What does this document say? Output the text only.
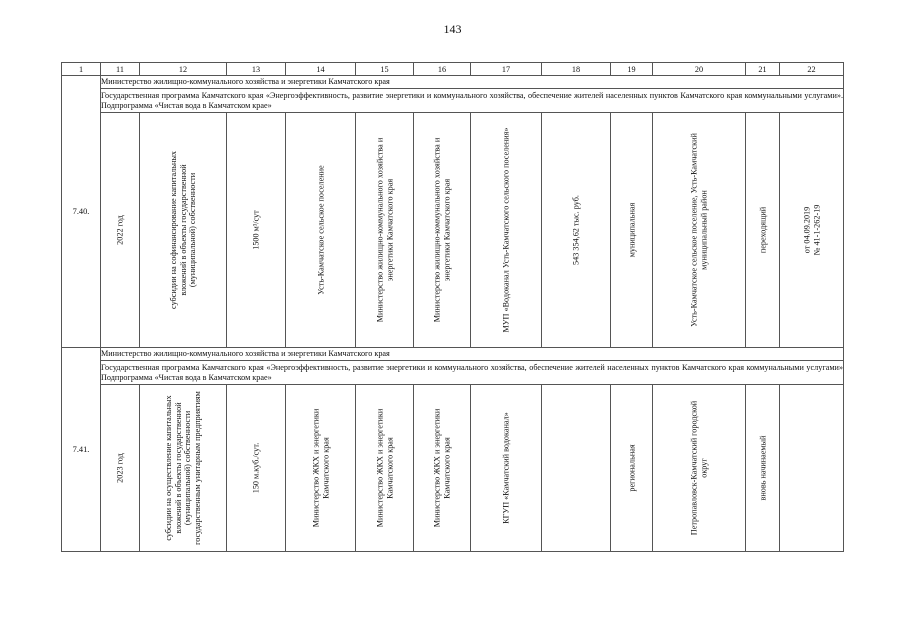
143
1	11	12	13	14	15	16	17	18	19	20	21	22
7.40.	Министерство жилищно-коммунального хозяйства и энергетики Камчатского края											
	Государственная программа Камчатского края «Энергоэффективность, развитие энергетики и коммунального хозяйства, обеспечение жителей населенных пунктов Камчатского края коммунальными услугами». Подпрограмма «Чистая вода в Камчатском крае»											

	2022 год	субсидии на софинансирование капитальных вложений в объекты государственной (муниципальной) собственности	1500 м³/сут	Усть-Камчатское сельское поселение	Министерство жилищно-коммунального хозяйства и энергетики Камчатского края	Министерство жилищно-коммунального хозяйства и энергетики Камчатского края	МУП «Водоканал Усть-Камчатского сельского поселения»	543 354,62 тыс. руб.	муниципальная	Усть-Камчатское сельское поселение, Усть-Камчатский муниципальный район	переходящий	от 04.09.2019 № 41-1-262-19

7.41.	Министерство жилищно-коммунального хозяйства и энергетики Камчатского края											
	Государственная программа Камчатского края «Энергоэффективность, развитие энергетики и коммунального хозяйства, обеспечение жителей населенных пунктов Камчатского края коммунальными услугами» Подпрограмма «Чистая вода в Камчатском крае»											

	2023 год	субсидии на осуществление капитальных вложений в объекты государственной (муниципальной) собственности государственным унитарным предприятиям	150 м.куб./сут.	Министерство ЖКХ и энергетики Камчатского края	Министерство ЖКХ и энергетики Камчатского края	Министерство ЖКХ и энергетики Камчатского края	КГУП «Камчатский водоканал»		региональная	Петропавловск-Камчатский городской округ	вновь начинаемый	
